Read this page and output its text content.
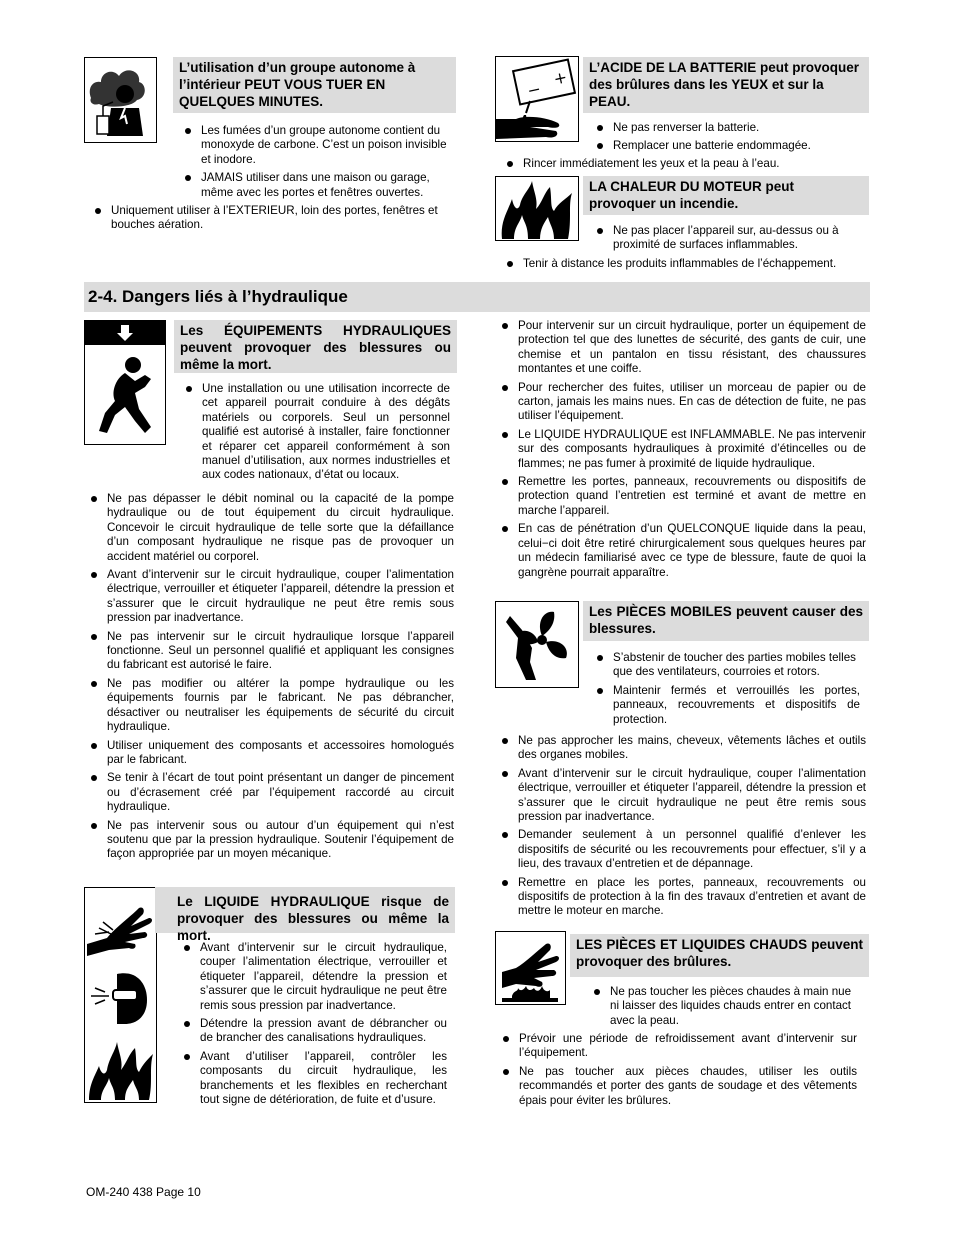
L’utilisation d’un groupe autonome à l’intérieur PEUT VOUS TUER EN QUELQUES MINUTES.
Les fumées d’un groupe autonome contient du monoxyde de carbone. C’est un poison invisible et inodore.
JAMAIS utiliser dans une maison ou garage, même avec les portes et fenêtres ouvertes.
Uniquement utiliser à l’EXTERIEUR, loin des portes, fenêtres et bouches aération.
−
+	L’ACIDE DE LA BATTERIE peut provoquer des brûlures dans les YEUX et sur la PEAU.
Ne pas renverser la batterie.
Remplacer une batterie endommagée.
Rincer immédiatement les yeux et la peau à l’eau.
LA CHALEUR DU MOTEUR peut provoquer un incendie.
Ne pas placer l’appareil sur, au-dessus ou à proximité de surfaces inflammables.
Tenir à distance les produits inflammables de l’échappement.
2-4. Dangers liés à l’hydraulique
Les ÉQUIPEMENTS HYDRAULIQUES peuvent provoquer des blessures ou même la mort.
Une installation ou une utilisation incorrecte de cet appareil pourrait conduire à des dégâts matériels ou corporels. Seul un personnel qualifié est autorisé à installer, faire fonctionner et réparer cet appareil conformément à son manuel d’utilisation, aux normes industrielles et aux codes nationaux, d’état ou locaux.
Ne pas dépasser le débit nominal ou la capacité de la pompe hydraulique ou de tout équipement du circuit hydraulique. Concevoir le circuit hydraulique de telle sorte que la défaillance d’un composant hydraulique ne risque pas de provoquer un accident matériel ou corporel.
Avant d’intervenir sur le circuit hydraulique, couper l’alimentation électrique, verrouiller et étiqueter l’appareil, détendre la pression et s’assurer que le circuit hydraulique ne peut être remis sous pression par inadvertance.
Ne pas intervenir sur le circuit hydraulique lorsque l’appareil fonctionne. Seul un personnel qualifié et appliquant les consignes du fabricant est autorisé le faire.
Ne pas modifier ou altérer la pompe hydraulique ou les équipements fournis par le fabricant. Ne pas débrancher, désactiver ou neutraliser les équipements de sécurité du circuit hydraulique.
Utiliser uniquement des composants et accessoires homologués par le fabricant.
Se tenir à l’écart de tout point présentant un danger de pincement ou d’écrasement créé par l’équipement raccordé au circuit hydraulique.
Ne pas intervenir sous ou autour d’un équipement qui n’est soutenu que par la pression hydraulique. Soutenir l’équipement de façon appropriée par un moyen mécanique.
Le LIQUIDE HYDRAULIQUE risque de provoquer des blessures ou même la mort.
Avant d’intervenir sur le circuit hydraulique, couper l’alimentation électrique, verrouiller et étiqueter l’appareil, détendre la pression et s’assurer que le circuit hydraulique ne peut être remis sous pression par inadvertance.
Détendre la pression avant de débrancher ou de brancher des canalisations hydrauliques.
Avant d’utiliser l’appareil, contrôler les composants du circuit hydraulique, les branchements et les flexibles en recherchant tout signe de détérioration, de fuite et d’usure.
Pour intervenir sur un circuit hydraulique, porter un équipement de protection tel que des lunettes de sécurité, des gants de cuir, une chemise et un pantalon en tissu résistant, des chaussures montantes et une coiffe.
Pour rechercher des fuites, utiliser un morceau de papier ou de carton, jamais les mains nues. En cas de détection de fuite, ne pas utiliser l’équipement.
Le LIQUIDE HYDRAULIQUE est INFLAMMABLE. Ne pas intervenir sur des composants hydrauliques à proximité d’étincelles ou de flammes; ne pas fumer à proximité de liquide hydraulique.
Remettre les portes, panneaux, recouvrements ou dispositifs de protection quand l’entretien est terminé et avant de mettre en marche l’appareil.
En cas de pénétration d’un QUELCONQUE liquide dans la peau, celui−ci doit être retiré chirurgicalement sous quelques heures par un médecin familiarisé avec ce type de blessure, faute de quoi la gangrène pourrait apparaître.
Les PIÈCES MOBILES peuvent causer des blessures.
S’abstenir de toucher des parties mobiles telles que des ventilateurs, courroies et rotors.
Maintenir fermés et verrouillés les portes, panneaux, recouvrements et dispositifs de protection.
Ne pas approcher les mains, cheveux, vêtements lâches et outils des organes mobiles.
Avant d’intervenir sur le circuit hydraulique, couper l’alimentation électrique, verrouiller et étiqueter l’appareil, détendre la pression et s’assurer que le circuit hydraulique ne peut être remis sous pression par inadvertance.
Demander seulement à un personnel qualifié d’enlever les dispositifs de sécurité ou les recouvrements pour effectuer, s’il y a lieu, des travaux d’entretien et de dépannage.
Remettre en place les portes, panneaux, recouvrements ou dispositifs de protection à la fin des travaux d’entretien et avant de mettre le moteur en marche.
LES PIÈCES ET LIQUIDES CHAUDS peuvent provoquer des brûlures.
Ne pas toucher les pièces chaudes à main nue ni laisser des liquides chauds entrer en contact avec la peau.
Prévoir une période de refroidissement avant d’intervenir sur l’équipement.
Ne pas toucher aux pièces chaudes, utiliser les outils recommandés et porter des gants de soudage et des vêtements épais pour éviter les brûlures.
OM-240 438 Page 10
